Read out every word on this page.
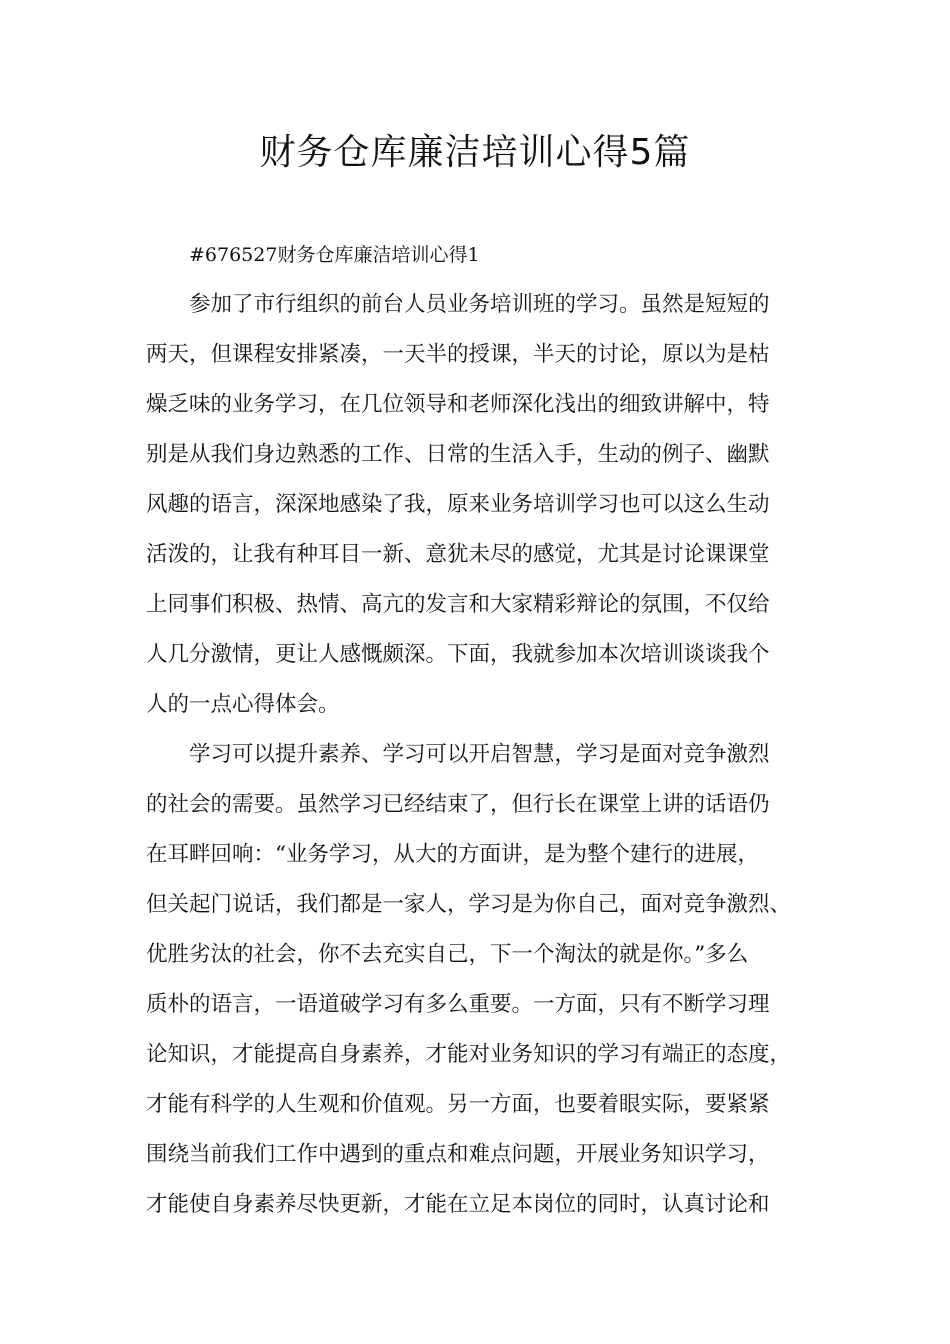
财务仓库廉洁培训心得5篇
#676527财务仓库廉洁培训心得1
参加了市行组织的前台人员业务培训班的学习。虽然是短短的
两天，但课程安排紧凑，一天半的授课，半天的讨论，原以为是枯
燥乏味的业务学习，在几位领导和老师深化浅出的细致讲解中，特
别是从我们身边熟悉的工作、日常的生活入手，生动的例子、幽默
风趣的语言，深深地感染了我，原来业务培训学习也可以这么生动
活泼的，让我有种耳目一新、意犹未尽的感觉，尤其是讨论课课堂
上同事们积极、热情、高亢的发言和大家精彩辩论的氛围，不仅给
人几分激情，更让人感慨颇深。下面，我就参加本次培训谈谈我个
人的一点心得体会。
学习可以提升素养、学习可以开启智慧，学习是面对竞争激烈
的社会的需要。虽然学习已经结束了，但行长在课堂上讲的话语仍
在耳畔回响：“业务学习，从大的方面讲，是为整个建行的进展，
但关起门说话，我们都是一家人，学习是为你自己，面对竞争激烈、
优胜劣汰的社会，你不去充实自己，下一个淘汰的就是你。”多么
质朴的语言，一语道破学习有多么重要。一方面，只有不断学习理
论知识，才能提高自身素养，才能对业务知识的学习有端正的态度，
才能有科学的人生观和价值观。另一方面，也要着眼实际，要紧紧
围绕当前我们工作中遇到的重点和难点问题，开展业务知识学习，
才能使自身素养尽快更新，才能在立足本岗位的同时，认真讨论和
